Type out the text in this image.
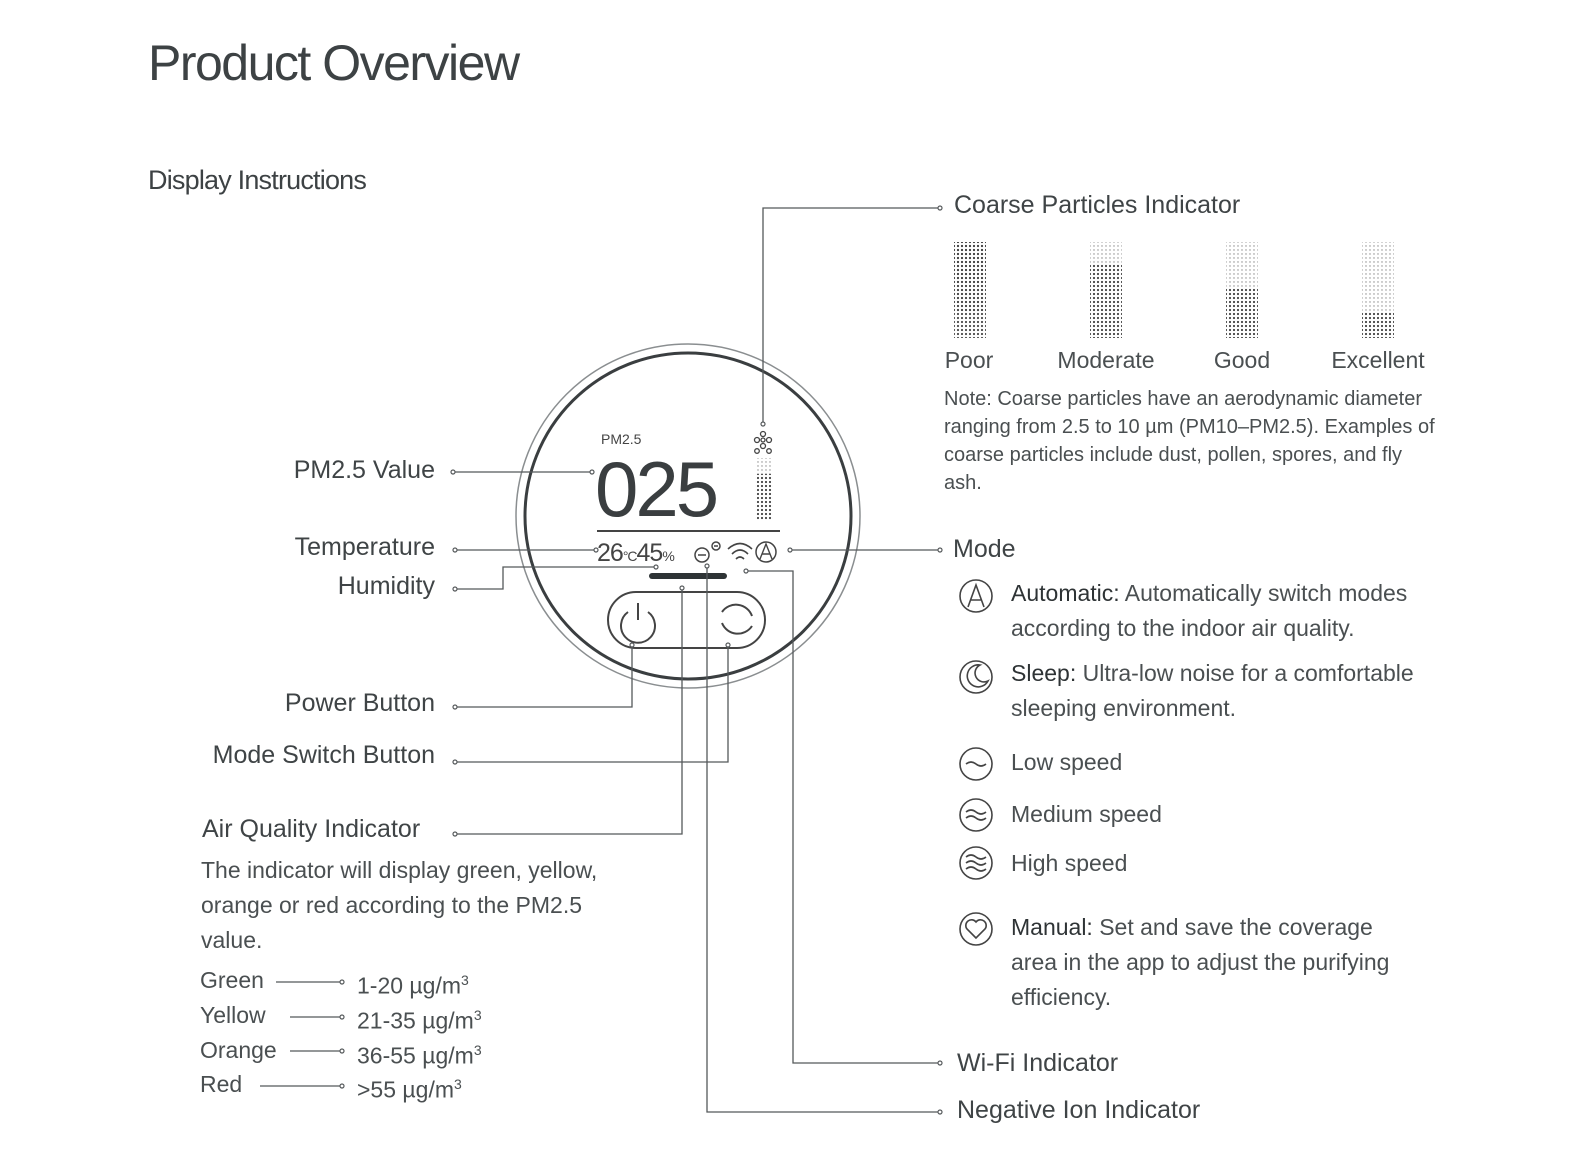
Product Overview
Display Instructions
PM2.5
025
26°C45%
PM2.5 Value
Temperature
Humidity
Power Button
Mode Switch Button
Air Quality Indicator
The indicator will display green, yellow, orange or red according to the PM2.5 value.
Green	1-20 $\mu g/m^3$
Yellow	21-35 $\mu g/m^3$
Orange	36-55 $\mu g/m^3$
Red	>55 $\mu g/m^3$
Coarse Particles Indicator
Poor	Moderate	Good	Excellent
Note: Coarse particles have an aerodynamic diameter ranging from 2.5 to 10 µm (PM10–PM2.5). Examples of coarse particles include dust, pollen, spores, and fly ash.
Mode
Automatic: Automatically switch modes according to the indoor air quality.
Sleep: Ultra-low noise for a comfortable sleeping environment.
Low speed
Medium speed
High speed
Manual: Set and save the coverage area in the app to adjust the purifying efficiency.
Wi-Fi Indicator
Negative Ion Indicator
